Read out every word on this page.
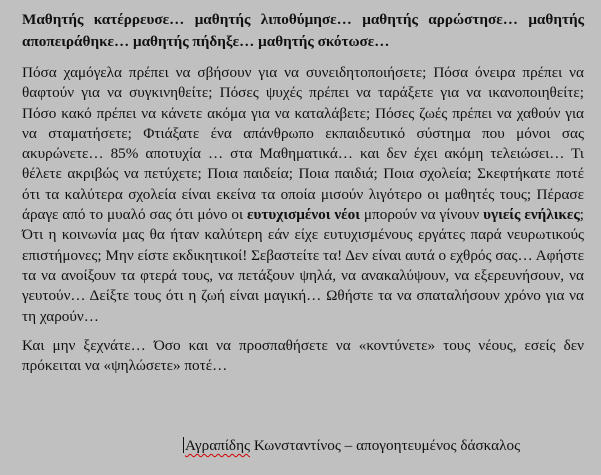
Μαθητής κατέρρευσε… μαθητής λιποθύμησε… μαθητής αρρώστησε… μαθητής αποπειράθηκε… μαθητής πήδηξε… μαθητής σκότωσε…

Πόσα χαμόγελα πρέπει να σβήσουν για να συνειδητοποιήσετε; Πόσα όνειρα πρέπει να θαφτούν για να συγκινηθείτε; Πόσες ψυχές πρέπει να ταράξετε για να ικανοποιηθείτε; Πόσο κακό πρέπει να κάνετε ακόμα για να καταλάβετε; Πόσες ζωές πρέπει να χαθούν για να σταματήσετε; Φτιάξατε ένα απάνθρωπο εκπαιδευτικό σύστημα που μόνοι σας ακυρώνετε… 85% αποτυχία … στα Μαθηματικά… και δεν έχει ακόμη τελειώσει… Τι θέλετε ακριβώς να πετύχετε; Ποια παιδεία; Ποια παιδιά; Ποια σχολεία; Σκεφτήκατε ποτέ ότι τα καλύτερα σχολεία είναι εκείνα τα οποία μισούν λιγότερο οι μαθητές τους; Πέρασε άραγε από το μυαλό σας ότι μόνο οι ευτυχισμένοι νέοι μπορούν να γίνουν υγιείς ενήλικες; Ότι η κοινωνία μας θα ήταν καλύτερη εάν είχε ευτυχισμένους εργάτες παρά νευρωτικούς επιστήμονες; Μην είστε εκδικητικοί! Σεβαστείτε τα! Δεν είναι αυτά ο εχθρός σας… Αφήστε τα να ανοίξουν τα φτερά τους, να πετάξουν ψηλά, να ανακαλύψουν, να εξερευνήσουν, να γευτούν… Δείξτε τους ότι η ζωή είναι μαγική… Ωθήστε τα να σπαταλήσουν χρόνο για να τη χαρούν…

Και μην ξεχνάτε… Όσο και να προσπαθήσετε να «κοντύνετε» τους νέους, εσείς δεν πρόκειται να «ψηλώσετε» ποτέ…

Αγραπίδης Κωνσταντίνος – απογοητευμένος δάσκαλος
